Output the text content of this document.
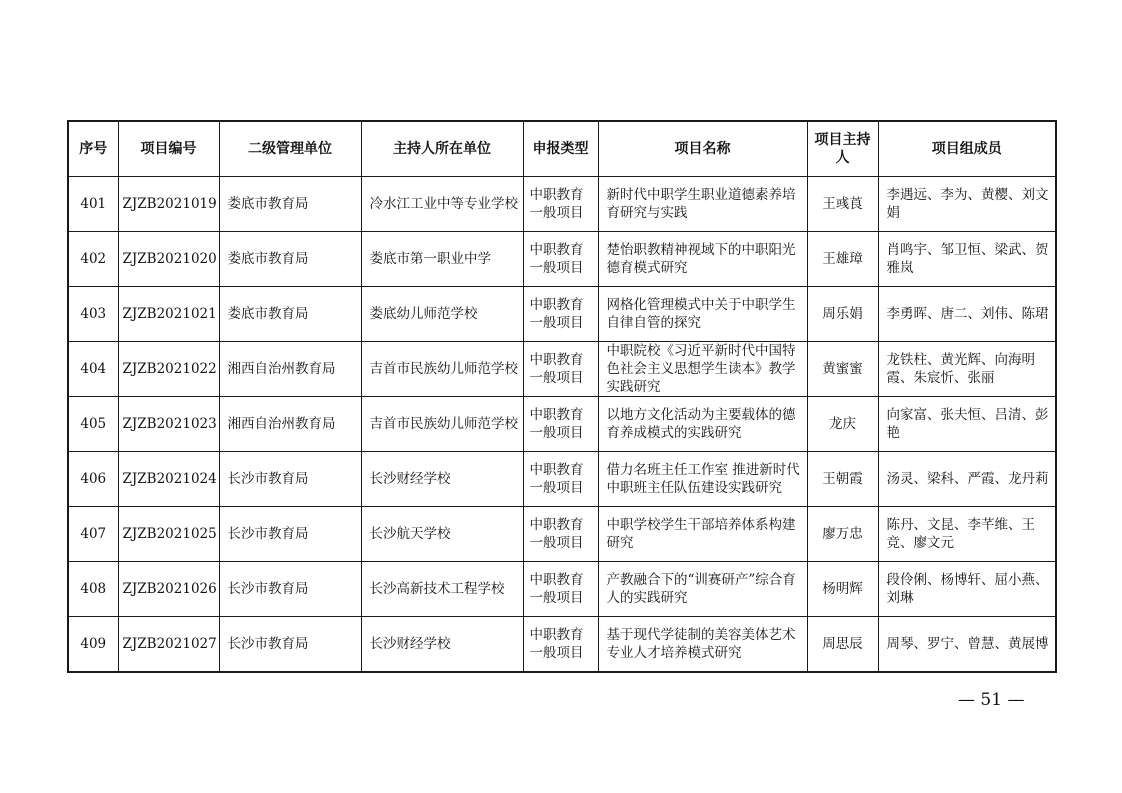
序号	项目编号	二级管理单位	主持人所在单位	申报类型	项目名称	项目主持人	项目组成员
401	ZJZB2021019	娄底市教育局	冷水江工业中等专业学校	中职教育一般项目	新时代中职学生职业道德素养培育研究与实践	王彧莨	李遇远、李为、黄樱、刘文娟
402	ZJZB2021020	娄底市教育局	娄底市第一职业中学	中职教育一般项目	楚怡职教精神视域下的中职阳光德育模式研究	王雄璋	肖鸣宇、邹卫恒、梁武、贺雅岚
403	ZJZB2021021	娄底市教育局	娄底幼儿师范学校	中职教育一般项目	网格化管理模式中关于中职学生自律自管的探究	周乐娟	李勇晖、唐二、刘伟、陈珺
404	ZJZB2021022	湘西自治州教育局	吉首市民族幼儿师范学校	中职教育一般项目	中职院校《习近平新时代中国特色社会主义思想学生读本》教学实践研究	黄蜜蜜	龙铁柱、黄光辉、向海明霞、朱宸忻、张丽
405	ZJZB2021023	湘西自治州教育局	吉首市民族幼儿师范学校	中职教育一般项目	以地方文化活动为主要载体的德育养成模式的实践研究	龙庆	向家富、张夫恒、吕清、彭艳
406	ZJZB2021024	长沙市教育局	长沙财经学校	中职教育一般项目	借力名班主任工作室 推进新时代中职班主任队伍建设实践研究	王朝霞	汤灵、梁科、严霞、龙丹莉
407	ZJZB2021025	长沙市教育局	长沙航天学校	中职教育一般项目	中职学校学生干部培养体系构建研究	廖万忠	陈丹、文昆、李芊维、王竞、廖文元
408	ZJZB2021026	长沙市教育局	长沙高新技术工程学校	中职教育一般项目	产教融合下的“训赛研产”综合育人的实践研究	杨明辉	段伶俐、杨博轩、屈小燕、刘琳
409	ZJZB2021027	长沙市教育局	长沙财经学校	中职教育一般项目	基于现代学徒制的美容美体艺术专业人才培养模式研究	周思辰	周琴、罗宁、曾慧、黄展博
— 51 —
